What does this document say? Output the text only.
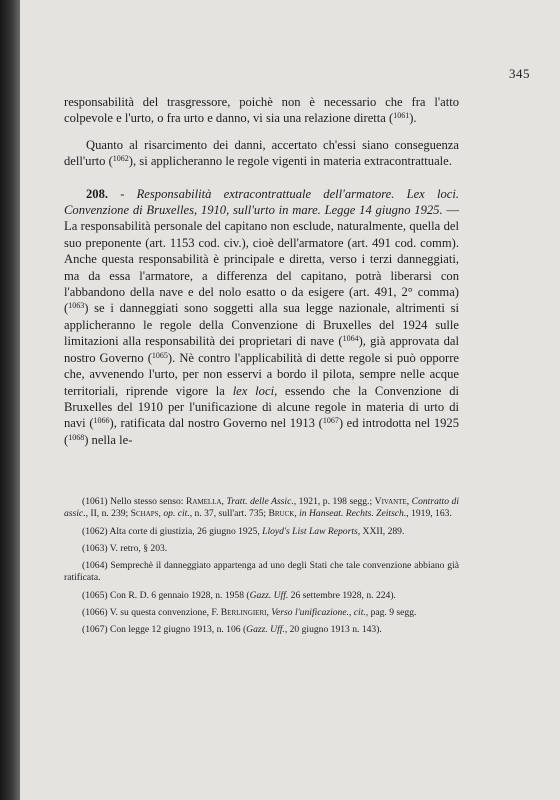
345

responsabilità del trasgressore, poichè non è necessario che fra l'atto colpevole e l'urto, o fra urto e danno, vi sia una relazione diretta ($^{1061}$).

Quanto al risarcimento dei danni, accertato ch'essi siano conseguenza dell'urto ($^{1062}$), si applicheranno le regole vigenti in materia extracontrattuale.

208. - Responsabilità extracontrattuale dell'armatore. Lex loci. Convenzione di Bruxelles, 1910, sull'urto in mare. Legge 14 giugno 1925. — La responsabilità personale del capitano non esclude, naturalmente, quella del suo preponente (art. 1153 cod. civ.), cioè dell'armatore (art. 491 cod. comm). Anche questa responsabilità è principale e diretta, verso i terzi danneggiati, ma da essa l'armatore, a differenza del capitano, potrà liberarsi con l'abbandono della nave e del nolo esatto o da esigere (art. 491, 2° comma) ($^{1063}$) se i danneggiati sono soggetti alla sua legge nazionale, altrimenti si applicheranno le regole della Convenzione di Bruxelles del 1924 sulle limitazioni alla responsabilità dei proprietari di nave ($^{1064}$), già approvata dal nostro Governo ($^{1065}$). Nè contro l'applicabilità di dette regole si può opporre che, avvenendo l'urto, per non esservi a bordo il pilota, sempre nelle acque territoriali, riprende vigore la lex loci, essendo che la Convenzione di Bruxelles del 1910 per l'unificazione di alcune regole in materia di urto di navi ($^{1066}$), ratificata dal nostro Governo nel 1913 ($^{1067}$) ed introdotta nel 1925 ($^{1068}$) nella le-

(1061) Nello stesso senso: Ramella, Tratt. delle Assic., 1921, p. 198 segg.; Vivante, Contratto di assic., II, n. 239; Schaps, op. cit., n. 37, sull'art. 735; Bruck, in Hanseat. Rechts. Zeitsch., 1919, 163.

(1062) Alta corte di giustizia, 26 giugno 1925, Lloyd's List Law Reports, XXII, 289.

(1063) V. retro, § 203.

(1064) Semprechè il danneggiato appartenga ad uno degli Stati che tale convenzione abbiano già ratificata.

(1065) Con R. D. 6 gennaio 1928, n. 1958 (Gazz. Uff. 26 settembre 1928, n. 224).

(1066) V. su questa convenzione, F. Berlingieri, Verso l'unificazione., cit., pag. 9 segg.

(1067) Con legge 12 giugno 1913, n. 106 (Gazz. Uff., 20 giugno 1913 n. 143).
